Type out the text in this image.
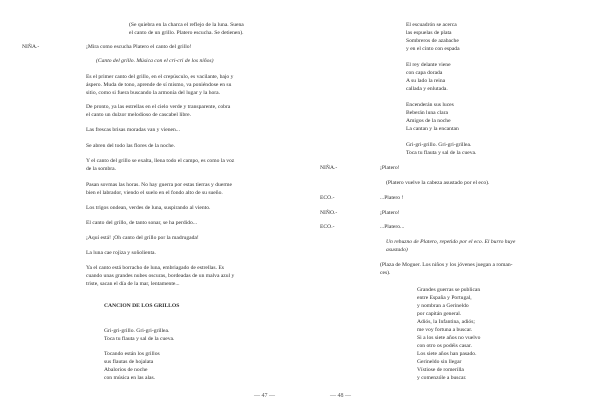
(Se quiebra en la charca el reflejo de la luna. Suena
el canto de un grillo. Platero escucha. Se detienen).
NIÑA.-	¡Mira como escucha Platero el canto del grillo!
(Canto del grillo. Música con el cri-cri de los niños)
Es el primer canto del grillo, en el crepúsculo, es vacilante, bajo y
áspero. Muda de tono, aprende de sí mismo, va poniéndose en su
sitio, como si fuera buscando la armonía del lugar y la hora.
De pronto, ya las estrellas en el cielo verde y transparente, cobra
el canto un dulzor melodioso de cascabel libre.
Las frescas brisas moradas van y vienen...
Se abren del todo las flores de la noche.
Y el canto del grillo se exalta, llena todo el campo, es como la voz
de la sombra.
Pasan sovmas las horas. No hay guerra por estas tierras y duerme
bien el labrador, viendo el suelo en el fondo alto de su sueño.
Los trigos ondean, verdes de luna, suspirando al viento.
El canto del grillo, de tanto sonar, se ha perdido...
¡Aquí está! ¡Oh canto del grillo por la madrugada!
La luna cae rojiza y soñolienta.
Ya el canto está borracho de luna, embriagado de estrellas. Es
cuando unas grandes nubes oscuras, bordeadas de un malva azul y
triste, sacan el día de la mar, lentamente...
CANCION DE LOS GRILLOS
Gri-gri-grillo. Gri-gri-grillea.
Toca tu flauta y sal de la cueva.
Tocando están los grillos
sus flautas de hojalata
Abalorios de noche
con música en las alas.
— 47 —
El escuadrón se acerca
las espuelas de plata
Sombreros de azabache
y en el cinto con espada
El rey delante viene
con capa dorada
A su lado la reina
callada y enlutada.
Encenderán sus luces
Beberán luna clara
Amigos de la noche
La cantan y la encantan
Gri-gri-grillo. Gri-gri-grillea.
Toca tu flauta y sal de la cueva.
NIÑA.-	¡Platero!
(Platero vuelve la cabeza asustado por el eco).
ECO.-	...Platero !
NIÑO.-	¡Platero!
ECO.-	...Platero...
Un rebuzno de Platero, repetido por el eco. El burro huye
asustado)
(Plaza de Moguer. Los niños y los jóvenes juegan a roman-
ces).
Grandes guerras se publican
entre España y Portugal,
y nombran a Gerineldo
por capitán general.
Adiós, la Infantina, adiós;
me voy fortuna a buscar.
Si a los siete años no vuelvo
con otro os podéis casar.
Los siete años han pasado.
Gerineldo sin llegar
Vístiose de romerilla
y comenzóle a buscar.
— 48 —
